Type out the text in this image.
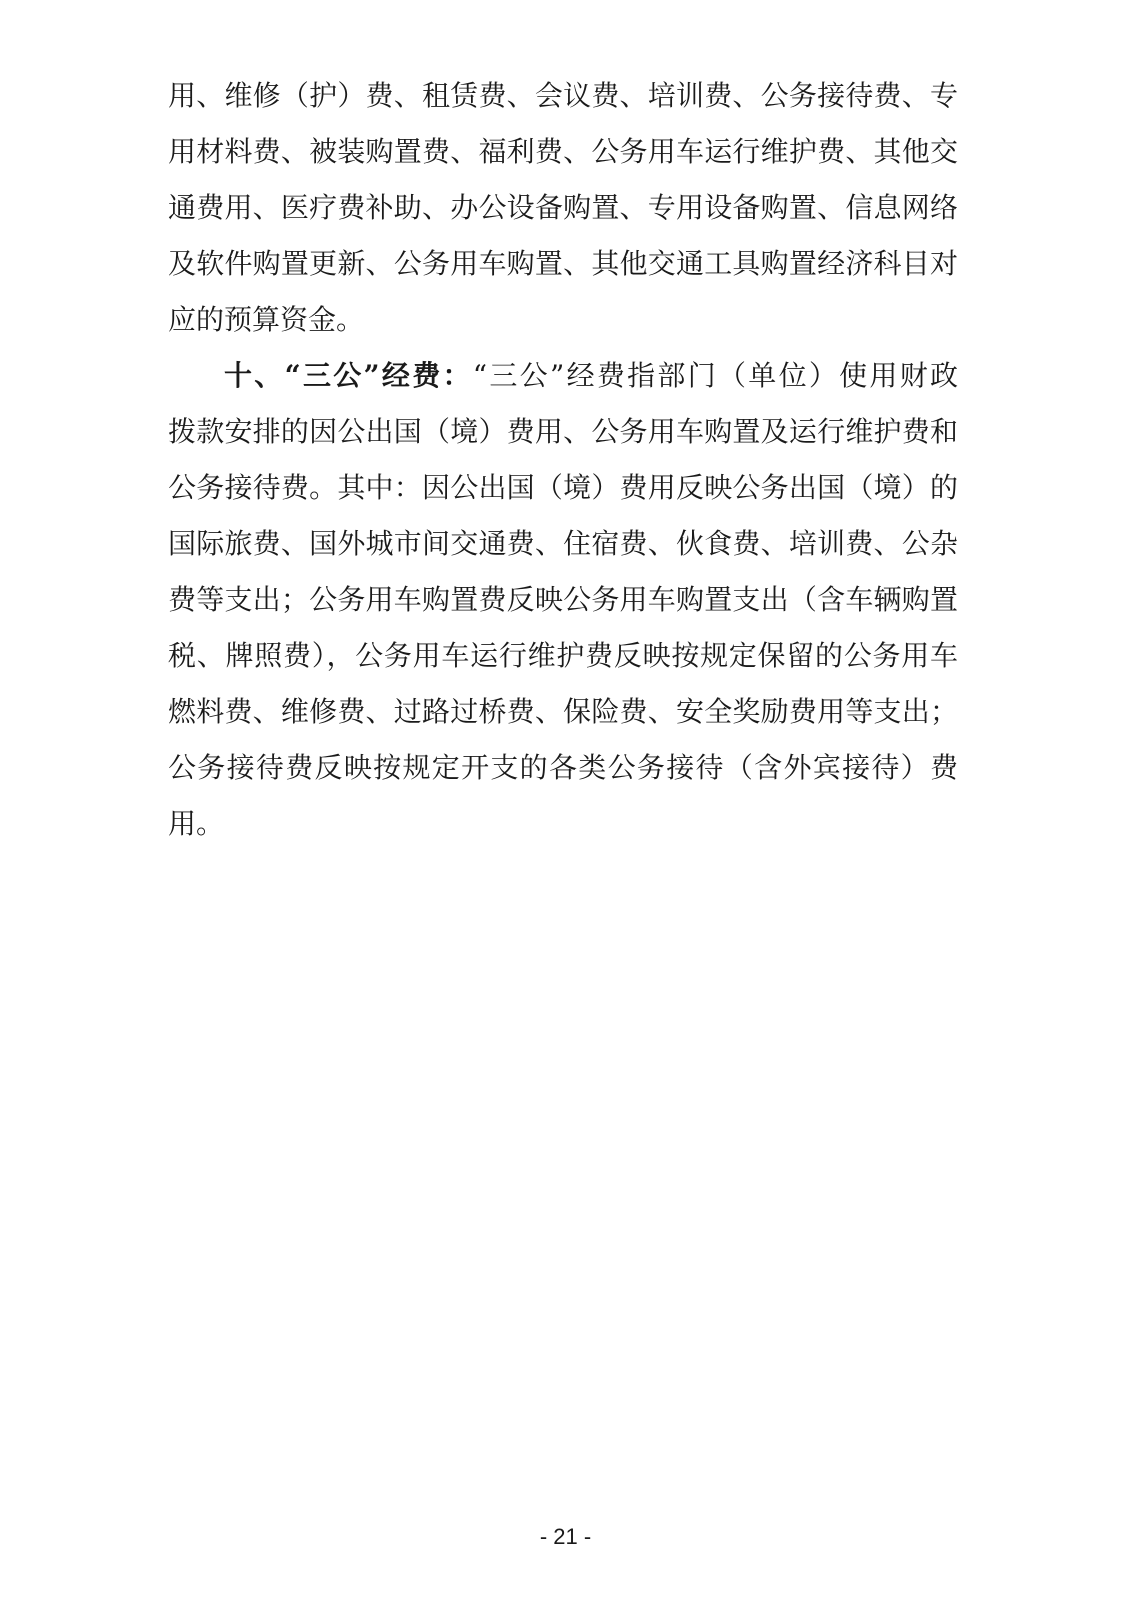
用、维修（护）费、租赁费、会议费、培训费、公务接待费、专
用材料费、被装购置费、福利费、公务用车运行维护费、其他交
通费用、医疗费补助、办公设备购置、专用设备购置、信息网络
及软件购置更新、公务用车购置、其他交通工具购置经济科目对
应的预算资金。
十、“三公”经费：“三公”经费指部门（单位）使用财政
拨款安排的因公出国（境）费用、公务用车购置及运行维护费和
公务接待费。其中：因公出国（境）费用反映公务出国（境）的
国际旅费、国外城市间交通费、住宿费、伙食费、培训费、公杂
费等支出；公务用车购置费反映公务用车购置支出（含车辆购置
税、牌照费），公务用车运行维护费反映按规定保留的公务用车
燃料费、维修费、过路过桥费、保险费、安全奖励费用等支出；
公务接待费反映按规定开支的各类公务接待（含外宾接待）费
用。
- 21 -
